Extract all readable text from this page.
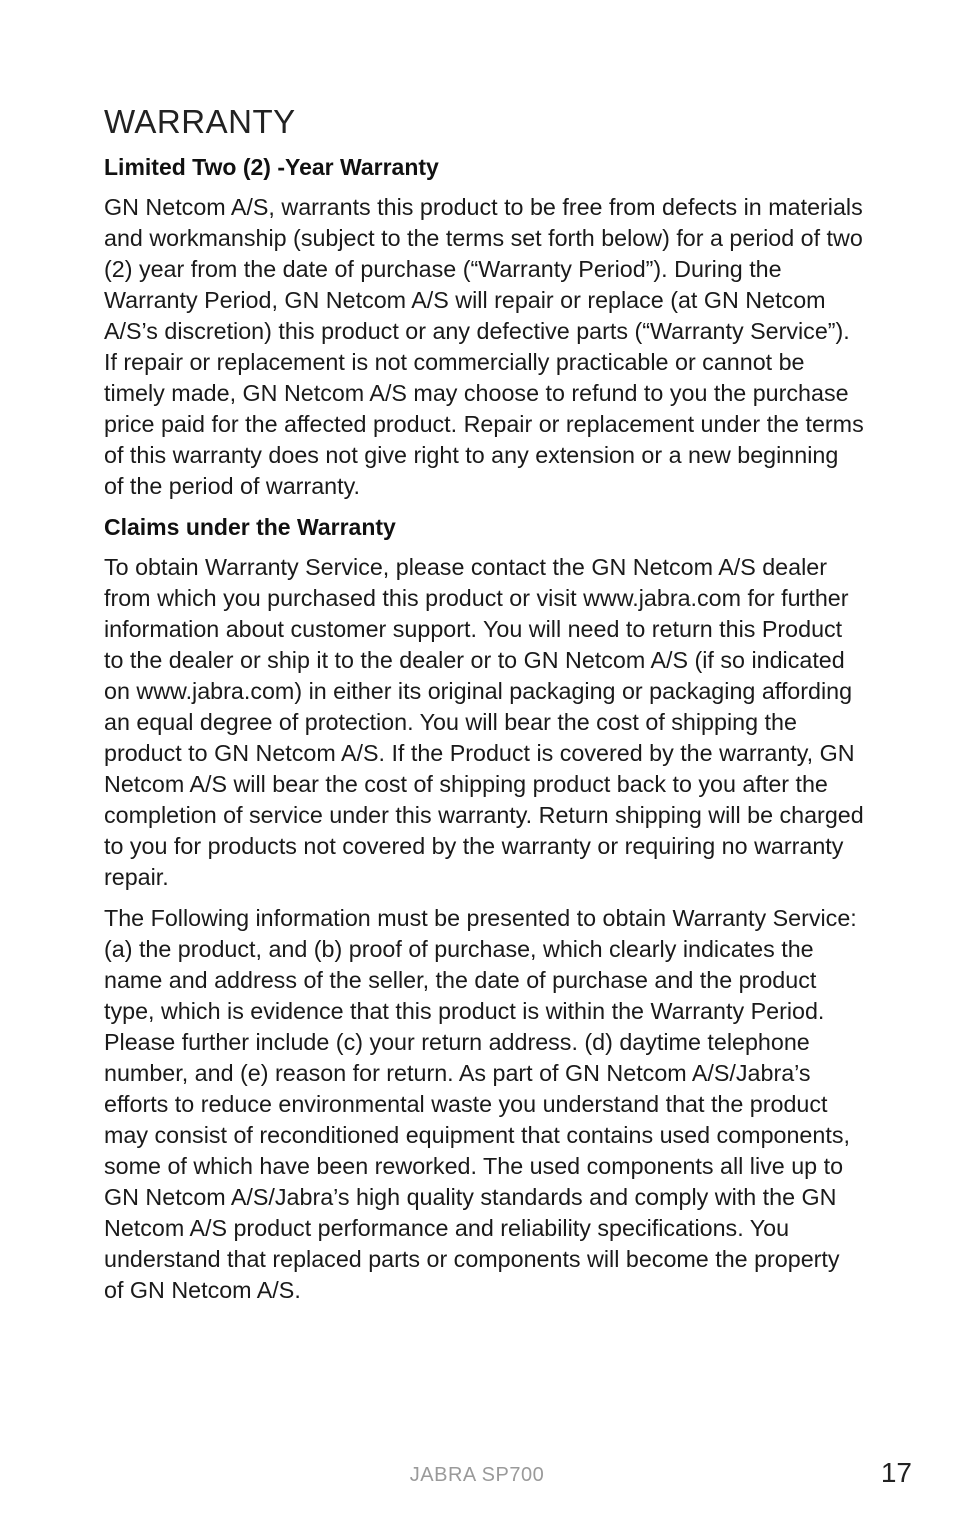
WARRANTY
Limited Two (2) -Year Warranty

GN Netcom A/S, warrants this product to be free from defects in materials and workmanship (subject to the terms set forth below) for a period of two (2) year from the date of purchase (“Warranty Period”). During the Warranty Period, GN Netcom A/S will repair or replace (at GN Netcom A/S’s discretion) this product or any defective parts (“Warranty Service”). If repair or replacement is not commercially practicable or cannot be timely made, GN Netcom A/S may choose to refund to you the purchase price paid for the affected product. Repair or replacement under the terms of this warranty does not give right to any extension or a new beginning of the period of warranty.

Claims under the Warranty

To obtain Warranty Service, please contact the GN Netcom A/S dealer from which you purchased this product or visit www.jabra.com for further information about customer support. You will need to return this Product to the dealer or ship it to the dealer or to GN Netcom A/S (if so indicated on www.jabra.com) in either its original packaging or packaging affording an equal degree of protection. You will bear the cost of shipping the product to GN Netcom A/S. If the Product is covered by the warranty, GN Netcom A/S will bear the cost of shipping product back to you after the completion of service under this warranty. Return shipping will be charged to you for products not covered by the warranty or requiring no warranty repair.

The Following information must be presented to obtain Warranty Service: (a) the product, and (b) proof of purchase, which clearly indicates the name and address of the seller, the date of purchase and the product type, which is evidence that this product is within the Warranty Period. Please further include (c) your return address. (d) daytime telephone number, and (e) reason for return. As part of GN Netcom A/S/Jabra’s efforts to reduce environmental waste you understand that the product may consist of reconditioned equipment that contains used components, some of which have been reworked. The used components all live up to GN Netcom A/S/Jabra’s high quality standards and comply with the GN Netcom A/S product performance and reliability specifications. You understand that replaced parts or components will become the property of GN Netcom A/S.

JABRA SP700	17
